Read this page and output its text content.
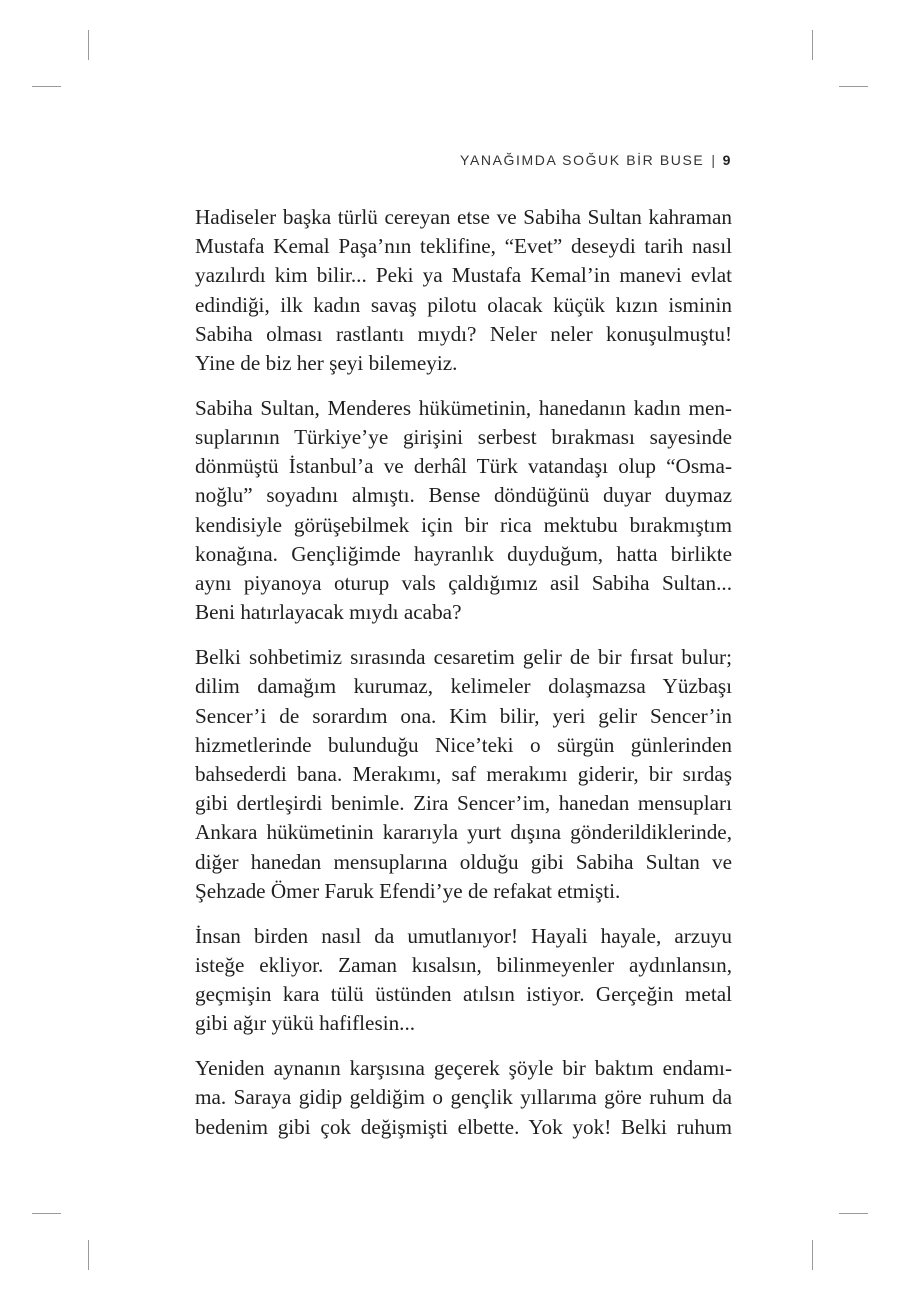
YANAĞIMDA SOĞUK BİR BUSE | 9

Hadiseler başka türlü cereyan etse ve Sabiha Sultan kahraman
Mustafa Kemal Paşa’nın teklifine, “Evet” deseydi tarih nasıl
yazılırdı kim bilir... Peki ya Mustafa Kemal’in manevi evlat
edindiği, ilk kadın savaş pilotu olacak küçük kızın isminin
Sabiha olması rastlantı mıydı? Neler neler konuşulmuştu!
Yine de biz her şeyi bilemeyiz.

Sabiha Sultan, Menderes hükümetinin, hanedanın kadın men-
suplarının Türkiye’ye girişini serbest bırakması sayesinde
dönmüştü İstanbul’a ve derhâl Türk vatandaşı olup “Osma-
noğlu” soyadını almıştı. Bense döndüğünü duyar duymaz
kendisiyle görüşebilmek için bir rica mektubu bırakmıştım
konağına. Gençliğimde hayranlık duyduğum, hatta birlikte
aynı piyanoya oturup vals çaldığımız asil Sabiha Sultan...
Beni hatırlayacak mıydı acaba?

Belki sohbetimiz sırasında cesaretim gelir de bir fırsat bulur;
dilim damağım kurumaz, kelimeler dolaşmazsa Yüzbaşı
Sencer’i de sorardım ona. Kim bilir, yeri gelir Sencer’in
hizmetlerinde bulunduğu Nice’teki o sürgün günlerinden
bahsederdi bana. Merakımı, saf merakımı giderir, bir sırdaş
gibi dertleşirdi benimle. Zira Sencer’im, hanedan mensupları
Ankara hükümetinin kararıyla yurt dışına gönderildiklerinde,
diğer hanedan mensuplarına olduğu gibi Sabiha Sultan ve
Şehzade Ömer Faruk Efendi’ye de refakat etmişti.

İnsan birden nasıl da umutlanıyor! Hayali hayale, arzuyu
isteğe ekliyor. Zaman kısalsın, bilinmeyenler aydınlansın,
geçmişin kara tülü üstünden atılsın istiyor. Gerçeğin metal
gibi ağır yükü hafiflesin...

Yeniden aynanın karşısına geçerek şöyle bir baktım endamı-
ma. Saraya gidip geldiğim o gençlik yıllarıma göre ruhum da
bedenim gibi çok değişmişti elbette. Yok yok! Belki ruhum
